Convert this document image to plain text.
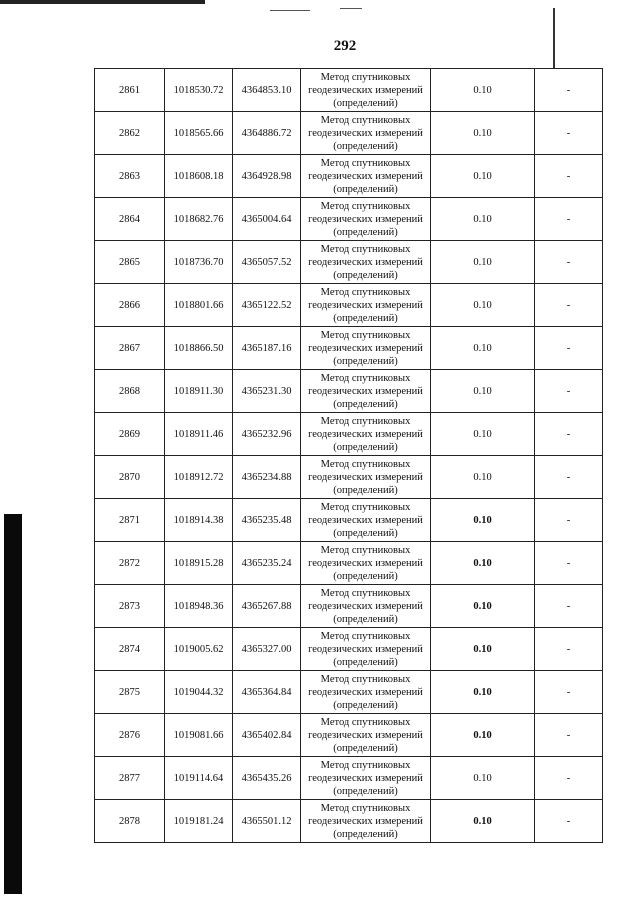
292
2861	1018530.72	4364853.10	Метод спутниковых
геодезических измерений
(определений)	0.10	-
2862	1018565.66	4364886.72	Метод спутниковых
геодезических измерений
(определений)	0.10	-
2863	1018608.18	4364928.98	Метод спутниковых
геодезических измерений
(определений)	0.10	-
2864	1018682.76	4365004.64	Метод спутниковых
геодезических измерений
(определений)	0.10	-
2865	1018736.70	4365057.52	Метод спутниковых
геодезических измерений
(определений)	0.10	-
2866	1018801.66	4365122.52	Метод спутниковых
геодезических измерений
(определений)	0.10	-
2867	1018866.50	4365187.16	Метод спутниковых
геодезических измерений
(определений)	0.10	-
2868	1018911.30	4365231.30	Метод спутниковых
геодезических измерений
(определений)	0.10	-
2869	1018911.46	4365232.96	Метод спутниковых
геодезических измерений
(определений)	0.10	-
2870	1018912.72	4365234.88	Метод спутниковых
геодезических измерений
(определений)	0.10	-
2871	1018914.38	4365235.48	Метод спутниковых
геодезических измерений
(определений)	0.10	-
2872	1018915.28	4365235.24	Метод спутниковых
геодезических измерений
(определений)	0.10	-
2873	1018948.36	4365267.88	Метод спутниковых
геодезических измерений
(определений)	0.10	-
2874	1019005.62	4365327.00	Метод спутниковых
геодезических измерений
(определений)	0.10	-
2875	1019044.32	4365364.84	Метод спутниковых
геодезических измерений
(определений)	0.10	-
2876	1019081.66	4365402.84	Метод спутниковых
геодезических измерений
(определений)	0.10	-
2877	1019114.64	4365435.26	Метод спутниковых
геодезических измерений
(определений)	0.10	-
2878	1019181.24	4365501.12	Метод спутниковых
геодезических измерений
(определений)	0.10	-
